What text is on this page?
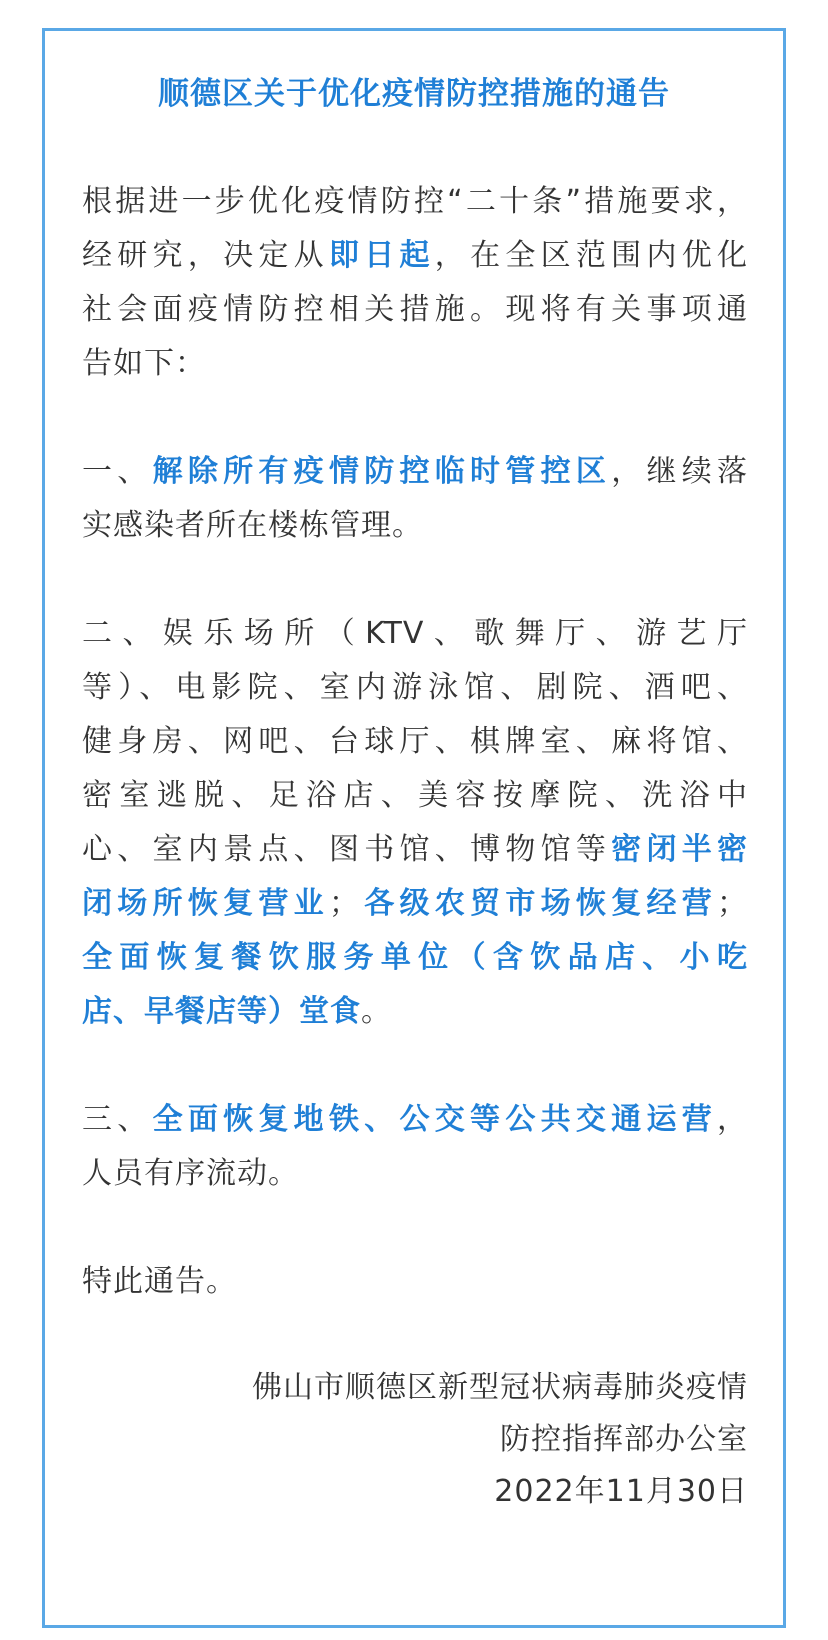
顺德区关于优化疫情防控措施的通告
根据进一步优化疫情防控“二十条”措施要求，
经研究，决定从即日起，在全区范围内优化
社会面疫情防控相关措施。现将有关事项通
告如下：
一、解除所有疫情防控临时管控区，继续落
实感染者所在楼栋管理。
二、娱乐场所（KTV、歌舞厅、游艺厅
等）、电影院、室内游泳馆、剧院、酒吧、
健身房、网吧、台球厅、棋牌室、麻将馆、
密室逃脱、足浴店、美容按摩院、洗浴中
心、室内景点、图书馆、博物馆等密闭半密
闭场所恢复营业；各级农贸市场恢复经营；
全面恢复餐饮服务单位（含饮品店、小吃
店、早餐店等）堂食。
三、全面恢复地铁、公交等公共交通运营，
人员有序流动。
特此通告。
佛山市顺德区新型冠状病毒肺炎疫情
防控指挥部办公室
2022年11月30日
